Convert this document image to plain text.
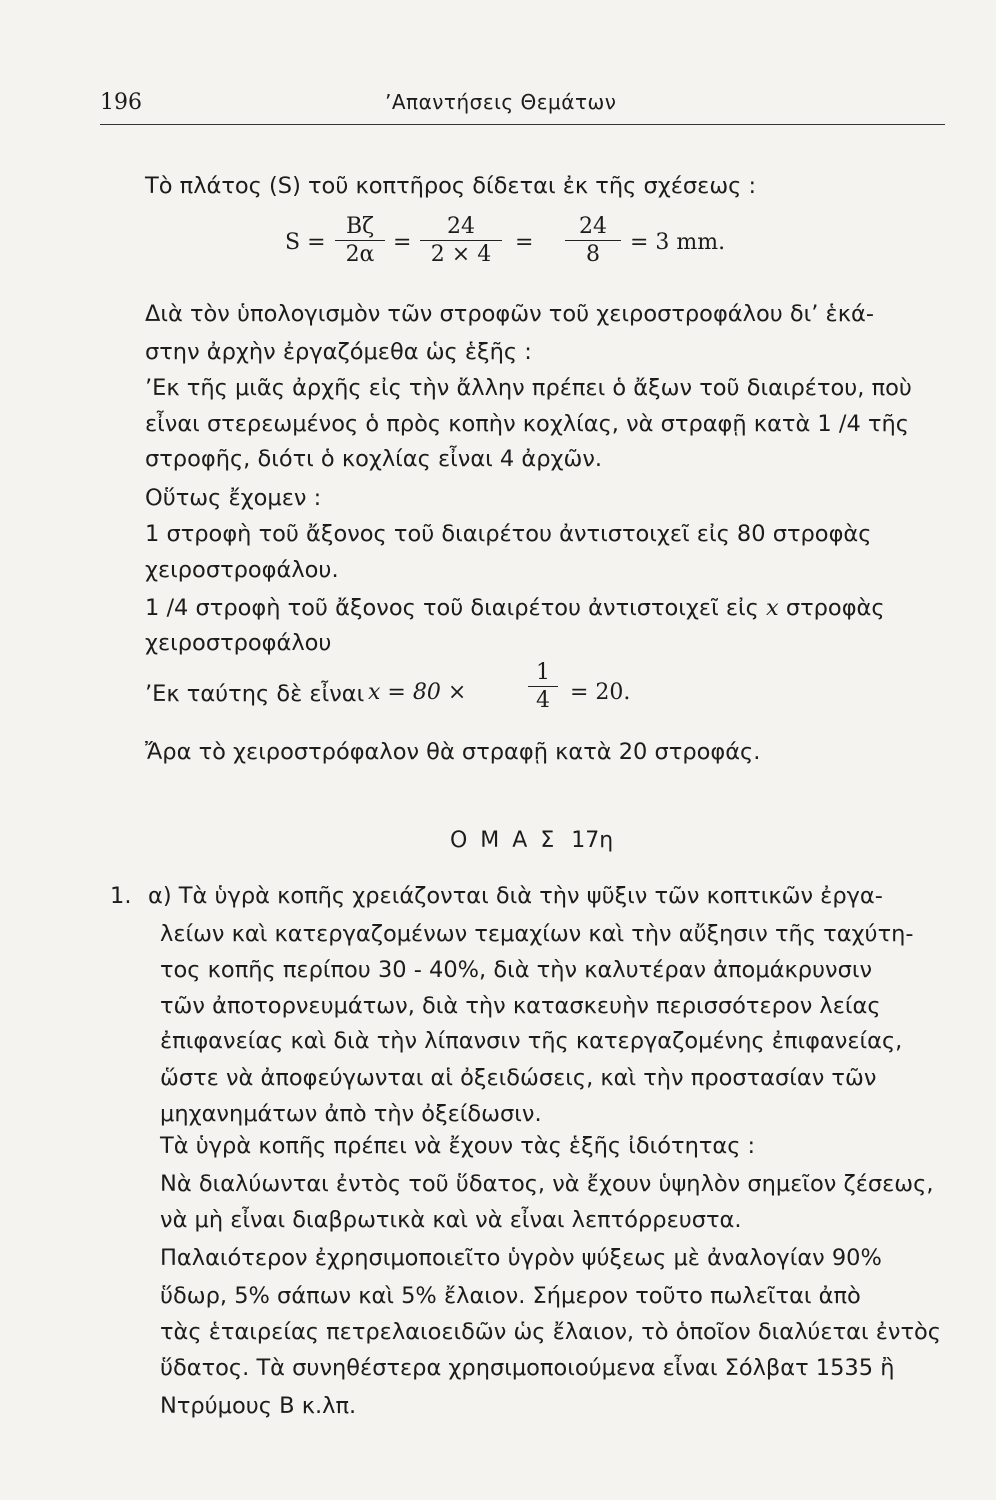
196	’Απαντήσεις Θεμάτων
Τὸ πλάτος (S) τοῦ κοπτῆρος δίδεται ἐκ τῆς σχέσεως :
$S = \frac{B\zeta}{2\alpha} = \frac{24}{2 \times 4} = \frac{24}{8} = 3$ mm.
Διὰ τὸν ὑπολογισμὸν τῶν στροφῶν τοῦ χειροστροφάλου δι’ ἑκά-
στην ἀρχὴν ἐργαζόμεθα ὡς ἑξῆς :
’Εκ τῆς μιᾶς ἀρχῆς εἰς τὴν ἄλλην πρέπει ὁ ἄξων τοῦ διαιρέτου, ποὺ
εἶναι στερεωμένος ὁ πρὸς κοπὴν κοχλίας, νὰ στραφῇ κατὰ 1 /4 τῆς
στροφῆς, διότι ὁ κοχλίας εἶναι 4 ἀρχῶν.
Οὕτως ἔχομεν :
1 στροφὴ τοῦ ἄξονος τοῦ διαιρέτου ἀντιστοιχεῖ εἰς 80 στροφὰς
χειροστροφάλου.
1 /4 στροφὴ τοῦ ἄξονος τοῦ διαιρέτου ἀντιστοιχεῖ εἰς x στροφὰς
χειροστροφάλου
’Εκ ταύτης δὲ εἶναι x = 80 ×	$\frac{1}{4} = 20$.
Ἄρα τὸ χειροστρόφαλον θὰ στραφῇ κατὰ 20 στροφάς.
Ο Μ Α Σ 17η
1. α) Τὰ ὑγρὰ κοπῆς χρειάζονται διὰ τὴν ψῦξιν τῶν κοπτικῶν ἐργα-
λείων καὶ κατεργαζομένων τεμαχίων καὶ τὴν αὔξησιν τῆς ταχύτη-
τος κοπῆς περίπου 30 - 40%, διὰ τὴν καλυτέραν ἀπομάκρυνσιν
τῶν ἀποτορνευμάτων, διὰ τὴν κατασκευὴν περισσότερον λείας
ἐπιφανείας καὶ διὰ τὴν λίπανσιν τῆς κατεργαζομένης ἐπιφανείας,
ὥστε νὰ ἀποφεύγωνται αἱ ὀξειδώσεις, καὶ τὴν προστασίαν τῶν
μηχανημάτων ἀπὸ τὴν ὀξείδωσιν.
Τὰ ὑγρὰ κοπῆς πρέπει νὰ ἔχουν τὰς ἑξῆς ἰδιότητας :
Νὰ διαλύωνται ἐντὸς τοῦ ὕδατος, νὰ ἔχουν ὑψηλὸν σημεῖον ζέσεως,
νὰ μὴ εἶναι διαβρωτικὰ καὶ νὰ εἶναι λεπτόρρευστα.
Παλαιότερον ἐχρησιμοποιεῖτο ὑγρὸν ψύξεως μὲ ἀναλογίαν 90%
ὕδωρ, 5% σάπων καὶ 5% ἔλαιον. Σήμερον τοῦτο πωλεῖται ἀπὸ
τὰς ἑταιρείας πετρελαιοειδῶν ὡς ἔλαιον, τὸ ὁποῖον διαλύεται ἐντὸς
ὕδατος. Τὰ συνηθέστερα χρησιμοποιούμενα εἶναι Σόλβατ 1535 ἢ
Ντρύμους Β κ.λπ.
